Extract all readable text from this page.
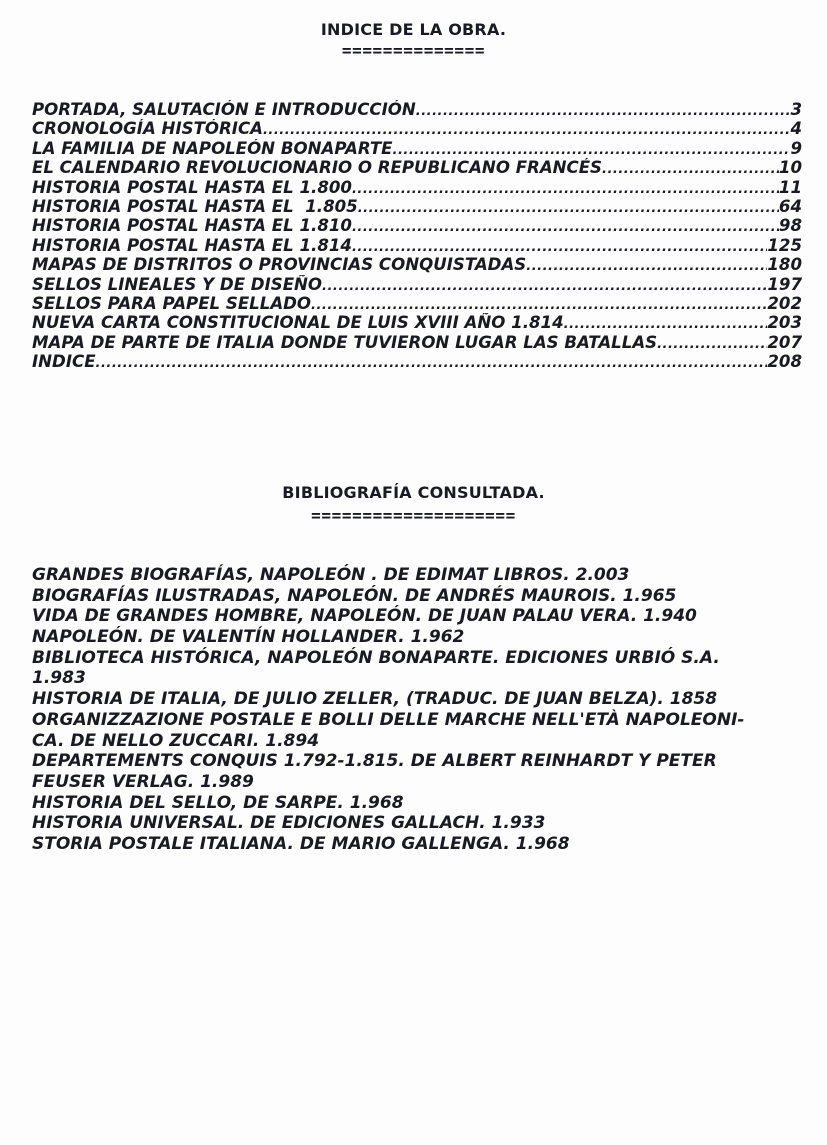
INDICE DE LA OBRA.
==============
PORTADA, SALUTACIÓN E INTRODUCCIÓN .....	3
CRONOLOGÍA HISTÓRICA .....	4
LA FAMILIA DE NAPOLEÓN BONAPARTE .....	9
EL CALENDARIO REVOLUCIONARIO O REPUBLICANO FRANCÉS .....	10
HISTORIA POSTAL HASTA EL 1.800 .....	11
HISTORIA POSTAL HASTA EL  1.805 .....	64
HISTORIA POSTAL HASTA EL 1.810 .....	98
HISTORIA POSTAL HASTA EL 1.814 .....	125
MAPAS DE DISTRITOS O PROVINCIAS CONQUISTADAS .....	180
SELLOS LINEALES Y DE DISEÑO .....	197
SELLOS PARA PAPEL SELLADO .....	202
NUEVA CARTA CONSTITUCIONAL DE LUIS XVIII AÑO 1.814 .....	203
MAPA DE PARTE DE ITALIA DONDE TUVIERON LUGAR LAS BATALLAS .....	207
INDICE .....	208
BIBLIOGRAFÍA CONSULTADA.
====================
GRANDES BIOGRAFÍAS, NAPOLEÓN . DE EDIMAT LIBROS. 2.003
BIOGRAFÍAS ILUSTRADAS, NAPOLEÓN. DE ANDRÉS MAUROIS. 1.965
VIDA DE GRANDES HOMBRE, NAPOLEÓN. DE JUAN PALAU VERA. 1.940
NAPOLEÓN. DE VALENTÍN HOLLANDER. 1.962
BIBLIOTECA HISTÓRICA, NAPOLEÓN BONAPARTE. EDICIONES URBIÓ S.A.
1.983
HISTORIA DE ITALIA, DE JULIO ZELLER, (TRADUC. DE JUAN BELZA). 1858
ORGANIZZAZIONE POSTALE E BOLLI DELLE MARCHE NELL'ETÀ NAPOLEONI-
CA. DE NELLO ZUCCARI. 1.894
DEPARTEMENTS CONQUIS 1.792-1.815. DE ALBERT REINHARDT Y PETER
FEUSER VERLAG. 1.989
HISTORIA DEL SELLO, DE SARPE. 1.968
HISTORIA UNIVERSAL. DE EDICIONES GALLACH. 1.933
STORIA POSTALE ITALIANA. DE MARIO GALLENGA. 1.968
